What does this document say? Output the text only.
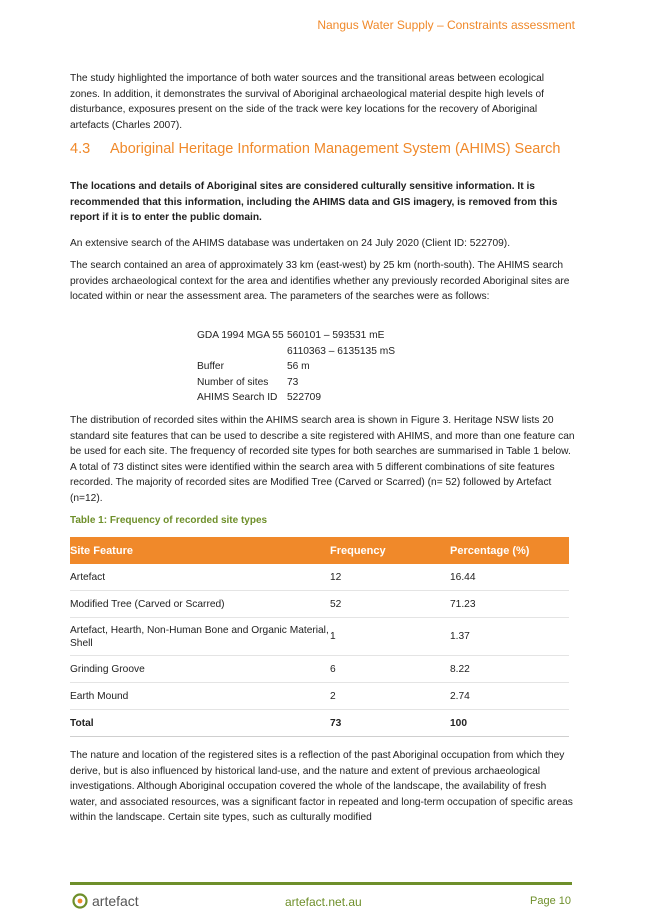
Nangus Water Supply – Constraints assessment

The study highlighted the importance of both water sources and the transitional areas between ecological zones. In addition, it demonstrates the survival of Aboriginal archaeological material despite high levels of disturbance, exposures present on the side of the track were key locations for the recovery of Aboriginal artefacts (Charles 2007).

4.3 Aboriginal Heritage Information Management System (AHIMS) Search

The locations and details of Aboriginal sites are considered culturally sensitive information. It is recommended that this information, including the AHIMS data and GIS imagery, is removed from this report if it is to enter the public domain.

An extensive search of the AHIMS database was undertaken on 24 July 2020 (Client ID: 522709).

The search contained an area of approximately 33 km (east-west) by 25 km (north-south). The AHIMS search provides archaeological context for the area and identifies whether any previously recorded Aboriginal sites are located within or near the assessment area. The parameters of the searches were as follows:

GDA 1994 MGA 55 560101 – 593531 mE
6110363 – 6135135 mS
Buffer	56 m
Number of sites	73
AHIMS Search ID 522709

The distribution of recorded sites within the AHIMS search area is shown in Figure 3. Heritage NSW lists 20 standard site features that can be used to describe a site registered with AHIMS, and more than one feature can be used for each site. The frequency of recorded site types for both searches are summarised in Table 1 below. A total of 73 distinct sites were identified within the search area with 5 different combinations of site features recorded. The majority of recorded sites are Modified Tree (Carved or Scarred) (n= 52) followed by Artefact (n=12).

Table 1: Frequency of recorded site types
Site Feature	Frequency	Percentage (%)
Artefact	12	16.44
Modified Tree (Carved or Scarred)	52	71.23
Artefact, Hearth, Non-Human Bone and Organic Material, Shell	1	1.37
Grinding Groove	6	8.22
Earth Mound	2	2.74
Total	73	100

The nature and location of the registered sites is a reflection of the past Aboriginal occupation from which they derive, but is also influenced by historical land-use, and the nature and extent of previous archaeological investigations. Although Aboriginal occupation covered the whole of the landscape, the availability of fresh water, and associated resources, was a significant factor in repeated and long-term occupation of specific areas within the landscape. Certain site types, such as culturally modified

artefact	artefact.net.au	Page 10
